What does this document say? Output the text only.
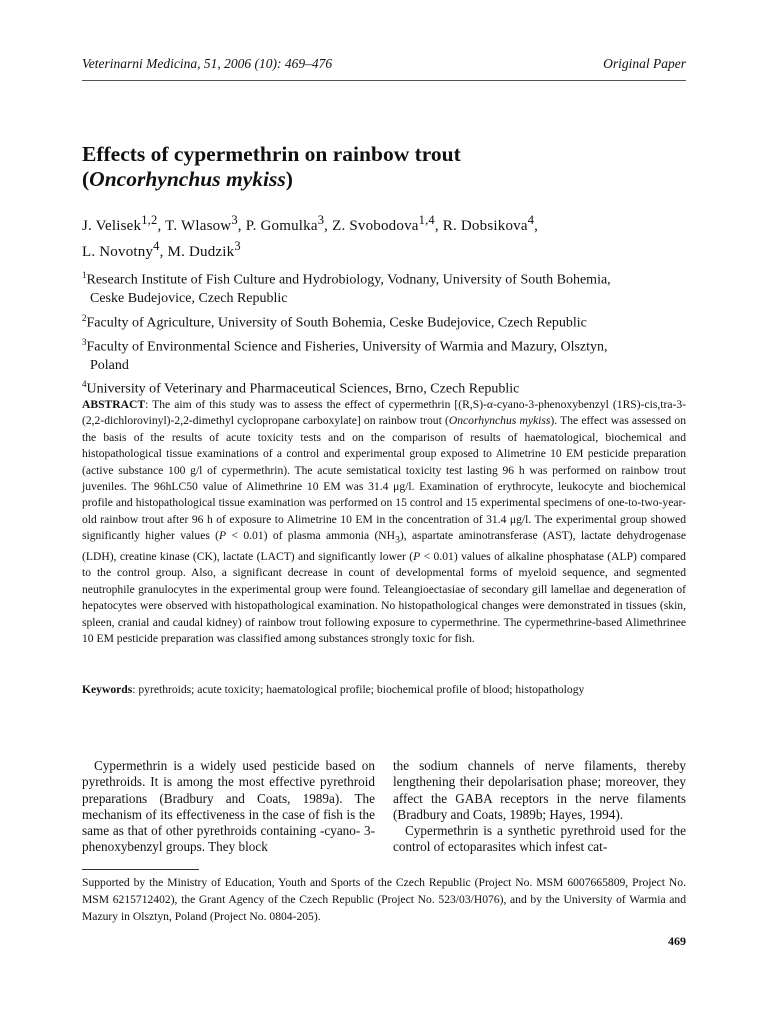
Veterinarni Medicina, 51, 2006 (10): 469–476	Original Paper
Effects of cypermethrin on rainbow trout
(Oncorhynchus mykiss)
J. Velisek$^{1,2}$, T. Wlasow$^3$, P. Gomulka$^3$, Z. Svobodova$^{1,4}$, R. Dobsikova$^4$,
L. Novotny$^4$, M. Dudzik$^3$

$^1$Research Institute of Fish Culture and Hydrobiology, Vodnany, University of South Bohemia,
Ceske Budejovice, Czech Republic

$^2$Faculty of Agriculture, University of South Bohemia, Ceske Budejovice, Czech Republic

$^3$Faculty of Environmental Science and Fisheries, University of Warmia and Mazury, Olsztyn,
Poland

$^4$University of Veterinary and Pharmaceutical Sciences, Brno, Czech Republic

ABSTRACT: The aim of this study was to assess the effect of cypermethrin [(R,S)-α-cyano-3-phenoxybenzyl (1RS)-cis,tra-3-(2,2-dichlorovinyl)-2,2-dimethyl cyclopropane carboxylate] on rainbow trout (Oncorhynchus mykiss). The effect was assessed on the basis of the results of acute toxicity tests and on the comparison of results of haematological, biochemical and histopathological tissue examinations of a control and experimental group exposed to Alimetrine 10 EM pesticide preparation (active substance 100 g/l of cypermethrin). The acute semistatical toxicity test lasting 96 h was performed on rainbow trout juveniles. The 96hLC50 value of Alimethrine 10 EM was 31.4 μg/l. Examination of erythrocyte, leukocyte and biochemical profile and histopathological tissue examination was performed on 15 control and 15 experimental specimens of one-to-two-year-old rainbow trout after 96 h of exposure to Alimetrine 10 EM in the concentration of 31.4 μg/l. The experimental group showed significantly higher values (P < 0.01) of plasma ammonia $(NH_3)$, aspartate aminotransferase (AST), lactate dehydrogenase (LDH), creatine kinase (CK), lactate (LACT) and significantly lower (P < 0.01) values of alkaline phosphatase (ALP) compared to the control group. Also, a significant decrease in count of developmental forms of myeloid sequence, and segmented neutrophile granulocytes in the experimental group were found. Teleangioectasiae of secondary gill lamellae and degeneration of hepatocytes were observed with histopathological examination. No histopathological changes were demonstrated in tissues (skin, spleen, cranial and caudal kidney) of rainbow trout following exposure to cypermethrine. The cypermethrine-based Alimethrinee 10 EM pesticide preparation was classified among substances strongly toxic for fish.
Keywords: pyrethroids; acute toxicity; haematological profile; biochemical profile of blood; histopathology

Cypermethrin is a widely used pesticide based on pyrethroids. It is among the most effective pyrethroid preparations (Bradbury and Coats, 1989a). The mechanism of its effectiveness in the case of fish is the same as that of other pyrethroids containing -cyano- 3-phenoxybenzyl groups. They block

the sodium channels of nerve filaments, thereby lengthening their depolarisation phase; moreover, they affect the GABA receptors in the nerve filaments (Bradbury and Coats, 1989b; Hayes, 1994).

Cypermethrin is a synthetic pyrethroid used for the control of ectoparasites which infest cat-

Supported by the Ministry of Education, Youth and Sports of the Czech Republic (Project No. MSM 6007665809, Project No. MSM 6215712402), the Grant Agency of the Czech Republic (Project No. 523/03/H076), and by the University of Warmia and Mazury in Olsztyn, Poland (Project No. 0804-205).
469
